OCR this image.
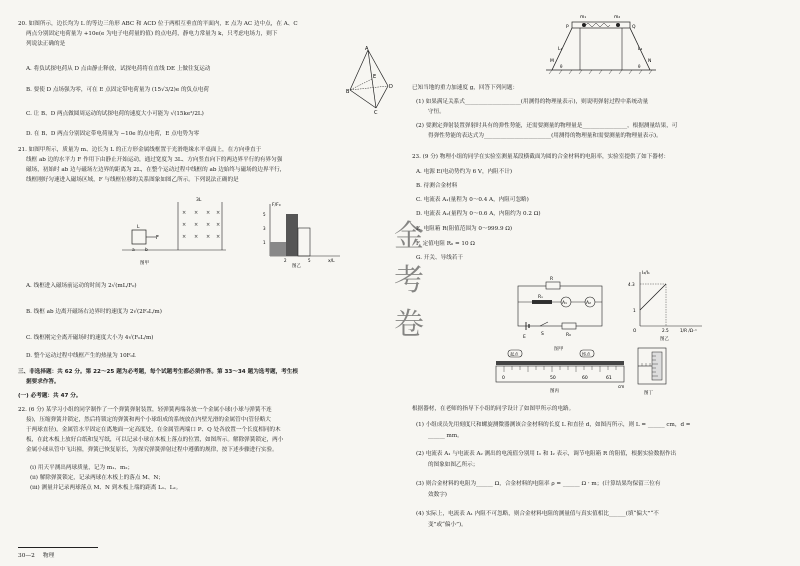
20. 如图所示，边长均为 L 的等边三角形 ABC 和 ACD 位于两相互垂直的平面内，E 点为 AC 边中点，在 A、C
两点分别固定电荷量为 +10e(e 为电子电荷量的值) 的点电荷，静电力常量为 k，只考虑电场力，则下
列说法正确的是
A. 将负试探电荷从 D 点由静止释放，试探电荷将在直线 DE 上做往复运动
B. 要使 D 点场强为零，可在 E 点固定带电荷量为 (15√3/2)e 的负点电荷
C. 让 B、D 两点做圆周运动的试探电荷的速度大小可能为 √(15ke²/2L)
D. 在 B、D 两点分别固定带电荷量为 −10e 的点电荷，E 点电势为零
A
B
C
D
E
21. 如图甲所示，质量为 m、边长为 L 的正方形金属线框置于光滑绝缘水平桌面上，在方向垂直于
线框 ab 边的水平力 F 作用下由静止开始运动，通过宽度为 3L、方向竖直向下的两边界平行的有界匀强
磁场，初始时 ab 边与磁场左边界的距离为 2L，在整个运动过程中线框的 ab 边始终与磁场的边界平行，
线框刚好匀速进入磁场区域，F 与线框位移的关系图象如图乙所示。下列说法正确的是
F
L
a b
3L
× × × ×
× × × ×
× × × ×
图甲
F/F₀
x/L
5
3
1
2	5
图乙
A. 线框进入磁场前运动的时间为 2√(mL/F₀)
B. 线框 ab 边离开磁场右边界时的速度为 2√(2F₀L/m)
C. 线框刚完全离开磁场时的速度大小为 4√(F₀L/m)
D. 整个运动过程中线框产生的热量为 10F₀L
三、非选择题：共 62 分。第 22～25 题为必考题，每个试题考生都必须作答。第 33～34 题为选考题，考生根
据要求作答。
(一) 必考题：共 47 分。
22. (6 分) 某学习小组的同学制作了一个弹簧弹射装置，轻弹簧两端各放一个金属小球(小球与弹簧不连
接)，压缩弹簧并锁定，然后将锁定的弹簧和两个小球组成的系统放在内壁光滑的金属管中(管径略大
于两球直径)，金属管水平固定在离地面一定高度处，在金属管两端口 P、Q 处各放置一个长度相同的木
板，在此木板上放好白纸和复写纸，可以记录小球在木板上落点的位置，如图所示。解除弹簧锁定，两小
金属小球从管中飞出撞，弹簧已恢复原长，为探究弹簧弹射过程中遵循的规律，按下述步骤进行实验。
(i) 用天平测出两球质量，记为 m₁、m₂；
(ii) 解除弹簧锁定，记录两球在木板上的落点 M、N；
(iii) 测量并记录两球落点 M、N 到木板上端的距离 L₁、L₂。
金
考
卷
m₁	m₂
P	Q
L₁	L₂
M	N
θ	θ
已知当地的重力加速度 g，回答下列问题：
(1) 如果满足关系式____________________(用测得的物理量表示)，则说明弹射过程中系统动量
守恒。
(2) 要测定弹射装置弹射时具有的弹性势能，还需要测量的物理量是________________，根据测量结果，可
得弹性势能的表达式为________________________(用测得的物理量和需要测量的物理量表示)。
23. (9 分) 物理小组的同学在实验室测量某段横截面为圆的合金材料的电阻率，实验室提供了如下器材：
A. 电源 E(电动势约为 6 V，内阻不计)
B. 待测合金材料
C. 电流表 A₁(量程为 0～0.4 A，内阻可忽略)
D. 电流表 A₂(量程为 0～0.6 A，内阻约为 0.2 Ω)
E. 电阻箱 R(阻值范围为 0～999.9 Ω)
F. 定值电阻 R₀ = 10 Ω
G. 开关、导线若干
R
Rₓ
A₁	A₂
E
S	R₀
图甲
I₂/I₁
4.3
1
O	2.5	1/R /Ω⁻¹
图乙
起点	终点
0	50	60	61
cm
图丙	图丁
根据器材，在老师的指导下小组的同学设计了如图甲所示的电路。
(1) 小组成员先用刻度尺和螺旋测微器测该合金材料的长度 L 和直径 d，如图丙所示，则 L = ______ cm，d =
______ mm。
(2) 电流表 A₁ 与电流表 A₂ 测出的电流值分别用 I₁ 和 I₂ 表示，调节电阻箱 R 的阻值，根据实验数据作出
的图象如图乙所示；
(3) 则合金材料的电阻为______ Ω，合金材料的电阻率 ρ = ______ Ω · m；(计算结果均保留三位有
效数字)
(4) 实际上，电流表 A₁ 内阻不可忽略，则合金材料电阻的测量值与真实值相比______(填“偏大”“不
变”或“偏小”)。
30—2 物理
